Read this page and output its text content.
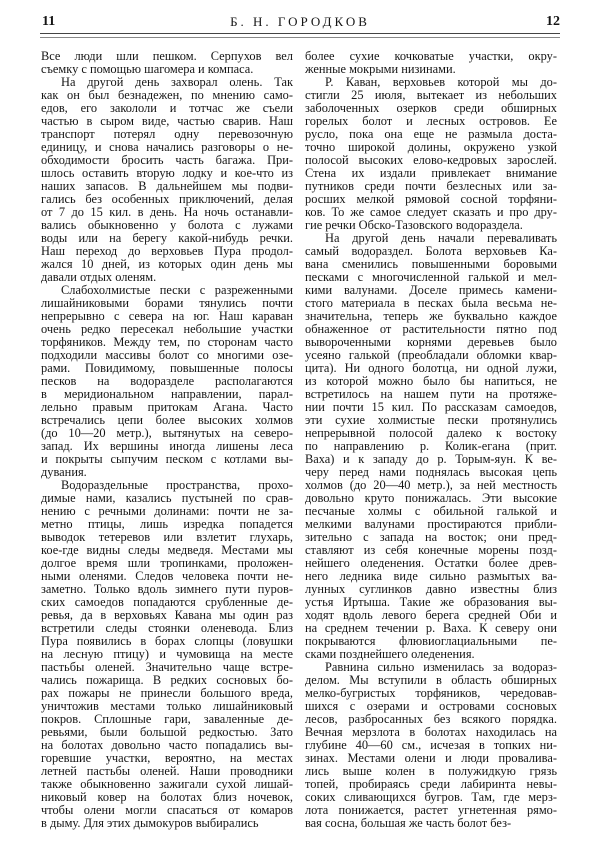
11	Б. Н. ГОРОДКОВ	12
Все люди шли пешком. Серпухов вел
съемку с помощью шагомера и компаса.
На другой день захворал олень. Так
как он был безнадежен, по мнению само-
едов, его закололи и тотчас же съели
частью в сыром виде, частью сварив. Наш
транспорт потерял одну перевозочную
единицу, и снова начались разговоры о не-
обходимости бросить часть багажа. При-
шлось оставить вторую лодку и кое-что из
наших запасов. В дальнейшем мы подви-
гались без особенных приключений, делая
от 7 до 15 кил. в день. На ночь останавли-
вались обыкновенно у болота с лужами
воды или на берегу какой-нибудь речки.
Наш переход до верховьев Пура продол-
жался 10 дней, из которых один день мы
давали отдых оленям.
Слабохолмистые пески с разреженными
лишайниковыми борами тянулись почти
непрерывно с севера на юг. Наш караван
очень редко пересекал небольшие участки
торфяников. Между тем, по сторонам часто
подходили массивы болот со многими озе-
рами. Повидимому, повышенные полосы
песков на водоразделе располагаются
в меридиональном направлении, парал-
лельно правым притокам Агана. Часто
встречались цепи более высоких холмов
(до 10—20 метр.), вытянутых на северо-
запад. Их вершины иногда лишены леса
и покрыты сыпучим песком с котлами вы-
дувания.
Водораздельные пространства, прохо-
димые нами, казались пустыней по срав-
нению с речными долинами: почти не за-
метно птицы, лишь изредка попадется
выводок тетеревов или взлетит глухарь,
кое-где видны следы медведя. Местами мы
долгое время шли тропинками, проложен-
ными оленями. Следов человека почти не-
заметно. Только вдоль зимнего пути пуров-
ских самоедов попадаются срубленные де-
ревья, да в верховьях Кавана мы один раз
встретили следы стоянки оленевода. Близ
Пура появились в борах слопцы (ловушки
на лесную птицу) и чумовища на месте
пастьбы оленей. Значительно чаще встре-
чались пожарища. В редких сосновых бо-
рах пожары не принесли большого вреда,
уничтожив местами только лишайниковый
покров. Сплошные гари, заваленные де-
ревьями, были большой редкостью. Зато
на болотах довольно часто попадались вы-
горевшие участки, вероятно, на местах
летней пастьбы оленей. Наши проводники
также обыкновенно зажигали сухой лишай-
никовый ковер на болотах близ ночевок,
чтобы олени могли спасаться от комаров
в дыму. Для этих дымокуров выбирались
более сухие кочковатые участки, окру-
женные мокрыми низинами.
Р. Каван, верховьев которой мы до-
стигли 25 июля, вытекает из небольших
заболоченных озерков среди обширных
горелых болот и лесных островов. Ее
русло, пока она еще не размыла доста-
точно широкой долины, окружено узкой
полосой высоких елово-кедровых зарослей.
Стена их издали привлекает внимание
путников среди почти безлесных или за-
росших мелкой рямовой сосной торфяни-
ков. То же самое следует сказать и про дру-
гие речки Обско-Тазовского водораздела.
На другой день начали переваливать
самый водораздел. Болота верховьев Ка-
вана сменились повышенными боровыми
песками с многочисленной галькой и мел-
кими валунами. Доселе примесь камени-
стого материала в песках была весьма не-
значительна, теперь же буквально каждое
обнаженное от растительности пятно под
вывороченными корнями деревьев было
усеяно галькой (преобладали обломки квар-
цита). Ни одного болотца, ни одной лужи,
из которой можно было бы напиться, не
встретилось на нашем пути на протяже-
нии почти 15 кил. По рассказам самоедов,
эти сухие холмистые пески протянулись
непрерывной полосой далеко к востоку
по направлению р. Колик-егана (прит.
Ваха) и к западу до р. Торым-яун. К ве-
черу перед нами поднялась высокая цепь
холмов (до 20—40 метр.), за ней местность
довольно круто понижалась. Эти высокие
песчаные холмы с обильной галькой и
мелкими валунами простираются прибли-
зительно с запада на восток; они пред-
ставляют из себя конечные морены позд-
нейшего оледенения. Остатки более древ-
него ледника виде сильно размытых ва-
лунных суглинков давно известны близ
устья Иртыша. Такие же образования вы-
ходят вдоль левого берега средней Оби и
на среднем течении р. Ваха. К северу они
покрываются флювиоглациальными пе-
сками позднейшего оледенения.
Равнина сильно изменилась за водораз-
делом. Мы вступили в область обширных
мелко-бугристых торфяников, чередовав-
шихся с озерами и островами сосновых
лесов, разбросанных без всякого порядка.
Вечная мерзлота в болотах находилась на
глубине 40—60 см., исчезая в топких ни-
зинах. Местами олени и люди провалива-
лись выше колен в полужидкую грязь
топей, пробираясь среди лабиринта невы-
соких сливающихся бугров. Там, где мерз-
лота понижается, растет угнетенная рямо-
вая сосна, большая же часть болот без-
